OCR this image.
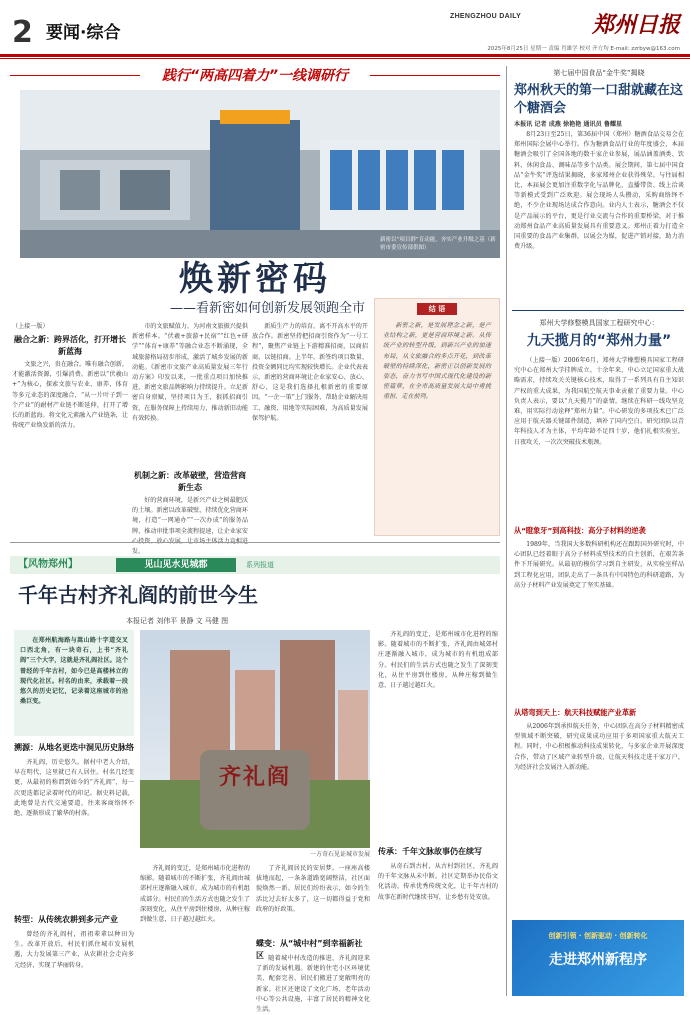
2 要闻·综合
ZHENGZHOU DAILY	郑州日报
2025年8月25日 星期一 责编 肖雄学 校对 齐方均 E-mail: zzrbyw@163.com
践行“两高四着力”一线调研行
新密以“项目群”育动能，夯实产业升级之基（新密市委宣传部供图）
焕新密码
——看新密如何创新发展领跑全市
（上接一版）
融合之新：跨界活化，打开增长新蓝海

文旅之兴，贵在融合。唯有融合创新，才能激活资源，引爆消费。新密以“伏羲山+”为核心，探索文旅与农业、康养、体育等多元业态的深度融合，“从一片叶子到一个产业”的耐材产业链不断延伸，打开了增长的新蓝海。将文化元素融入产业链条，让传统产业焕发新的活力。

市的文旅赋值力，为河南文旅振兴提供新密样本。“伏羲+旅游+民宿”“红色+研学”“体育+康养”等融合业态不断涌现，全域旅游格局初步形成，激活了城乡发展的新动能。《新密市文旅产业高质量发展三年行动方案》印发以来，一批重点项目加快推进，新密文旅品牌影响力持续提升。立足新密自身禀赋，坚持项目为王，狠抓招商引资，在服务保障上持续用力，推动新旧动能有效转换。

机制之新：改革破壁，营造营商新生态

好的营商环境，是新兴产业之树最肥沃的土壤。新密以改革破壁，持续优化营商环境，打造“一网通办”“一次办成”的服务品牌，推动审批事项全流程提速，让企业家安 发。

新质生产力的培育，离不开高水平的开放合作。新密坚持把招商引资作为“一号工程”，聚焦产业链上下游精准招商，以商招商，以链招商。上半年，新签约项目数量、投资金额同比均实现较快增长。企业代表表示，新密的营商环境让企业家安心、放心、舒心，这是我们选择扎根新密的重要原因。“一企一策”上门服务，帮助企业解决用工、融资、用地等实际困难，为高质量发展保驾护航。

结 语

新密之新，是发展理念之新，是产业结构之新，更是营商环境之新。从传统产业的转型升级，到新兴产业的加速布局，从文旅融合的多点开花，到改革破壁的持续深化，新密正以创新发展的姿态，奋力书写中国式现代化建设的新密篇章，在全市高质量发展大局中勇挑重担、走在前列。

【风物郑州】	见山见水见城郡	系列报道
千年古村齐礼阎的前世今生
本报记者 刘伟平 景静 文 马健 图

在郑州航海路与嵩山路十字道交叉口西北角，有一块奇石，上书“齐礼阎”三个大字，这就是齐礼阎社区。这个曾经的千年古村，如今已是高楼林立的现代化社区。村名的由来，承载着一段悠久的历史记忆，记录着这座城市的沧桑巨变。

齐礼阎
一方奇石见证城市发展
溯源：从地名更迭中洞见历史脉络

齐礼阎，历史悠久。据村中老人介绍，早在明代，这里就已有人居住。村名几经变更，从最初的称谓到如今的“齐礼阎”，每一次更迭都记录着时代的印记。据史料记载，此地曾是古代交通要道，往来客商络绎不绝，逐渐形成了繁华的村落。

转型：从传统农耕到多元产业

曾经的齐礼阎村，祖祖辈辈以种田为生。改革开放后，村民们抓住城市发展机遇，大力发展第三产业，从农耕社会走向多元经济，实现了华丽转身。

齐礼阎的变迁，是郑州城市化进程的缩影。随着城市的不断扩张，齐礼阎由城郊村庄逐渐融入城市，成为城市的有机组成部分。村民们的生活方式也随之发生了深刻变化，从住平房到住楼房，从种庄稼到做生意，日子越过越红火。

了齐礼阎居民的安居梦。一座座高楼拔地而起，一条条道路宽阔整洁，社区面貌焕然一新。居民们纷纷表示，如今的生活比过去好太多了，这一切都得益于党和政府的好政策。

蝶变：从“城中村”到幸福新社区 随着城中村改造的推进，齐礼阎迎来了新的发展机遇。新建的住宅小区环境优美、配套完善，居民们搬进了宽敞明亮的新家。社区还建设了文化广场、老年活动中心等公共设施，丰富了居民的精神文化生活。

齐礼阎的变迁，是郑州城市化进程的缩影。随着城市的不断扩张，齐礼阎由城郊村庄逐渐融入城市，成为城市的有机组成部分。村民们的生活方式也随之发生了深刻变化，从住平房到住楼房，从种庄稼到做生意，日子越过越红火。

传承：千年文脉故事仍在续写

从奇石到古村，从古村到社区，齐礼阎的千年文脉从未中断。社区定期举办民俗文化活动，传承优秀传统文化，让千年古村的故事在新时代继续书写，让乡愁有处安放。

第七届中国食品“金牛奖”揭晓
郑州秋天的第一口甜就藏在这个糖酒会
本报讯 记者 成燕 徐艳艳 通讯员 鲁耀星

8月23日至25日，第36届中国（郑州）糖酒食品交易会在郑州国际会展中心举行。作为糖酒食品行业的年度盛会，本届糖酒会吸引了全国各地的数千家企业参展，展品涵盖酒类、饮料、休闲食品、调味品等多个品类。展会期间，第七届中国食品“金牛奖”评选结果揭晓，多家郑州企业获得殊荣。与往届相比，本届展会更加注重数字化与品牌化，直播带货、线上洽谈等新模式受到广泛欢迎。展会现场人头攒动，采购商络绎不绝，不少企业现场达成合作意向。业内人士表示，糖酒会不仅是产品展示的平台，更是行业交流与合作的重要桥梁，对于推动郑州食品产业高质量发展具有重要意义。郑州正着力打造全国重要的食品产业集群，以展会为媒，促进产销对接，助力消费升级。

郑州大学修整模具国家工程研究中心：
九天揽月的“郑州力量”

（上接一版）2006年6月，郑州大学橡塑模具国家工程研究中心在郑州大学挂牌成立。十余年来，中心立足国家重大战略需求，持续攻关关键核心技术，取得了一系列具有自主知识产权的重大成果，为我国航空航天事业贡献了重要力量。中心负责人表示，要以“九天揽月”的豪情，继续在科研一线攻坚克难，用实际行动诠释“郑州力量”。中心研发的多项技术已广泛应用于航天器关键部件制造，填补了国内空白。研究团队以青年科技人才为主体，平均年龄不足四十岁，他们扎根实验室，日夜攻关，一次次突破技术瓶颈。

从“瞪象牙”到高科技：高分子材料的逆袭

1989年，当我国大多数科研机构还在跟踪国外研究时，中心团队已经着眼于高分子材料成型技术的自主创新，在艰苦条件下开展研究。从最初的模仿学习到自主研发，从实验室样品到工程化应用，团队走出了一条具有中国特色的科研道路，为高分子材料产业发展奠定了坚实基础。

从塔弯到天上：航天科技赋能产业革新

从2006年到承担航天任务，中心团队在高分子材料精密成型领域不断突破，研究成果成功应用于多项国家重大航天工程。同时，中心积极推动科技成果转化，与多家企业开展深度合作，带动了区域产业转型升级，让航天科技走进千家万户，为经济社会发展注入新动能。

创新引领 · 创新驱动 · 创新转化
走进郑州新程序
